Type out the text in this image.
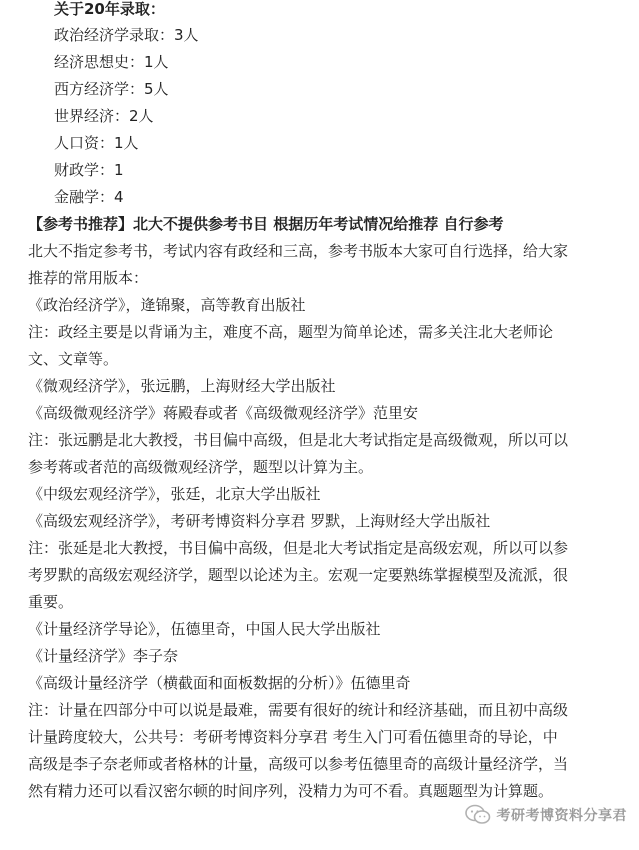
关于20年录取：
政治经济学录取：3人
经济思想史：1人
西方经济学：5人
世界经济：2人
人口资：1人
财政学：1
金融学：4
【参考书推荐】北大不提供参考书目 根据历年考试情况给推荐 自行参考
北大不指定参考书，考试内容有政经和三高，参考书版本大家可自行选择，给大家
推荐的常用版本：
《政治经济学》，逄锦聚，高等教育出版社
注：政经主要是以背诵为主，难度不高，题型为简单论述，需多关注北大老师论
文、文章等。
《微观经济学》，张远鹏，上海财经大学出版社
《高级微观经济学》蒋殿春或者《高级微观经济学》范里安
注：张远鹏是北大教授，书目偏中高级，但是北大考试指定是高级微观，所以可以
参考蒋或者范的高级微观经济学，题型以计算为主。
《中级宏观经济学》，张廷，北京大学出版社
《高级宏观经济学》，考研考博资料分享君 罗默，上海财经大学出版社
注：张延是北大教授，书目偏中高级，但是北大考试指定是高级宏观，所以可以参
考罗默的高级宏观经济学，题型以论述为主。宏观一定要熟练掌握模型及流派，很
重要。
《计量经济学导论》，伍德里奇，中国人民大学出版社
《计量经济学》李子奈
《高级计量经济学（横截面和面板数据的分析）》伍德里奇
注：计量在四部分中可以说是最难，需要有很好的统计和经济基础，而且初中高级
计量跨度较大，公共号：考研考博资料分享君 考生入门可看伍德里奇的导论，中
高级是李子奈老师或者格林的计量，高级可以参考伍德里奇的高级计量经济学，当
然有精力还可以看汉密尔顿的时间序列，没精力为可不看。真题题型为计算题。
考研考博资料分享君
